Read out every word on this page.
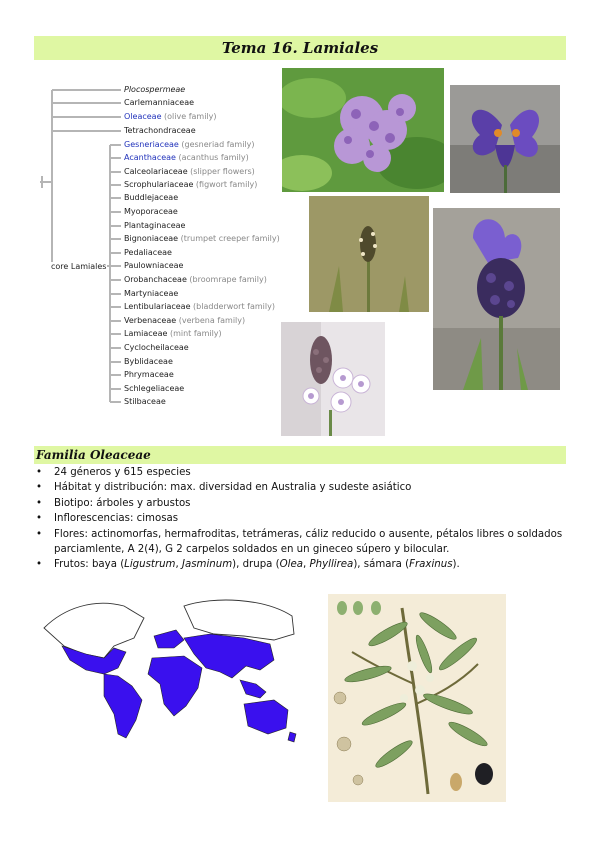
Tema 16. Lamiales
Plocospermeae
Carlemanniaceae
Oleaceae (olive family)
Tetrachondraceae
Gesneriaceae (gesneriad family)
Acanthaceae (acanthus family)
Calceolariaceae (slipper flowers)
Scrophulariaceae (figwort family)
Buddlejaceae
Myoporaceae
Plantaginaceae
Bignoniaceae (trumpet creeper family)
Pedaliaceae
Paulowniaceae
Orobanchaceae (broomrape family)
Martyniaceae
Lentibulariaceae (bladderwort family)
Verbenaceae (verbena family)
Lamiaceae (mint family)
Cyclocheilaceae
Byblidaceae
Phrymaceae
Schlegeliaceae
Stilbaceae
core Lamiales
Familia Oleaceae
• 24 géneros y 615 especies
• Hábitat y distribución: max. diversidad en Australia y sudeste asiático
• Biotipo: árboles y arbustos
• Inflorescencias: cimosas
• Flores: actinomorfas, hermafroditas, tetrámeras, cáliz reducido o ausente, pétalos libres o soldados parciamlente, A 2(4), G 2 carpelos soldados en un gineceo súpero y bilocular.
• Frutos: baya (Ligustrum, Jasminum), drupa (Olea, Phyllirea), sámara (Fraxinus).
